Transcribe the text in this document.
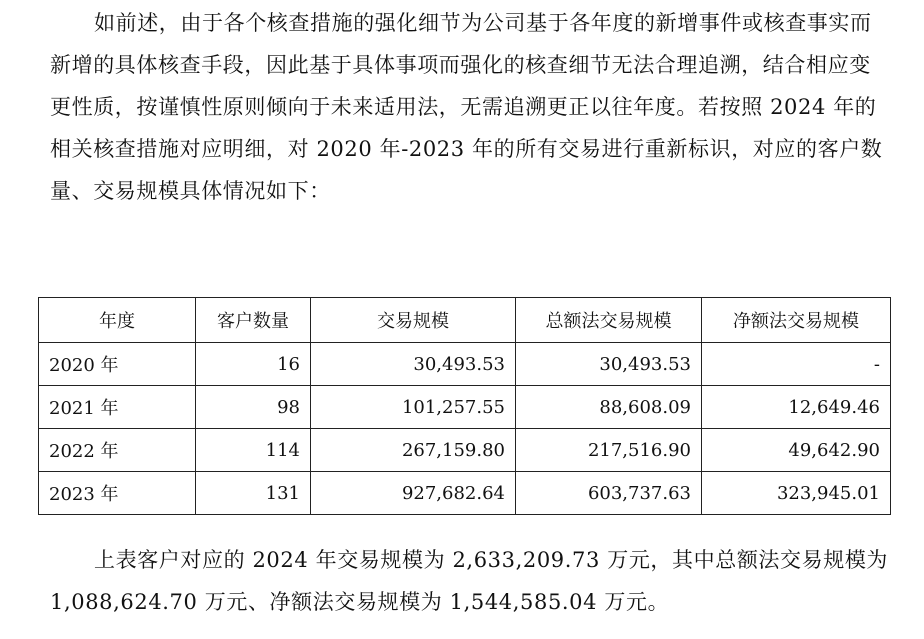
如前述，由于各个核查措施的强化细节为公司基于各年度的新增事件或核查事实而新增的具体核查手段，因此基于具体事项而强化的核查细节无法合理追溯，结合相应变更性质，按谨慎性原则倾向于未来适用法，无需追溯更正以往年度。若按照 2024 年的相关核查措施对应明细，对 2020 年-2023 年的所有交易进行重新标识，对应的客户数量、交易规模具体情况如下：

年度	客户数量	交易规模	总额法交易规模	净额法交易规模
2020 年	16	30,493.53	30,493.53	-
2021 年	98	101,257.55	88,608.09	12,649.46
2022 年	114	267,159.80	217,516.90	49,642.90
2023 年	131	927,682.64	603,737.63	323,945.01

上表客户对应的 2024 年交易规模为 2,633,209.73 万元，其中总额法交易规模为 1,088,624.70 万元、净额法交易规模为 1,544,585.04 万元。
